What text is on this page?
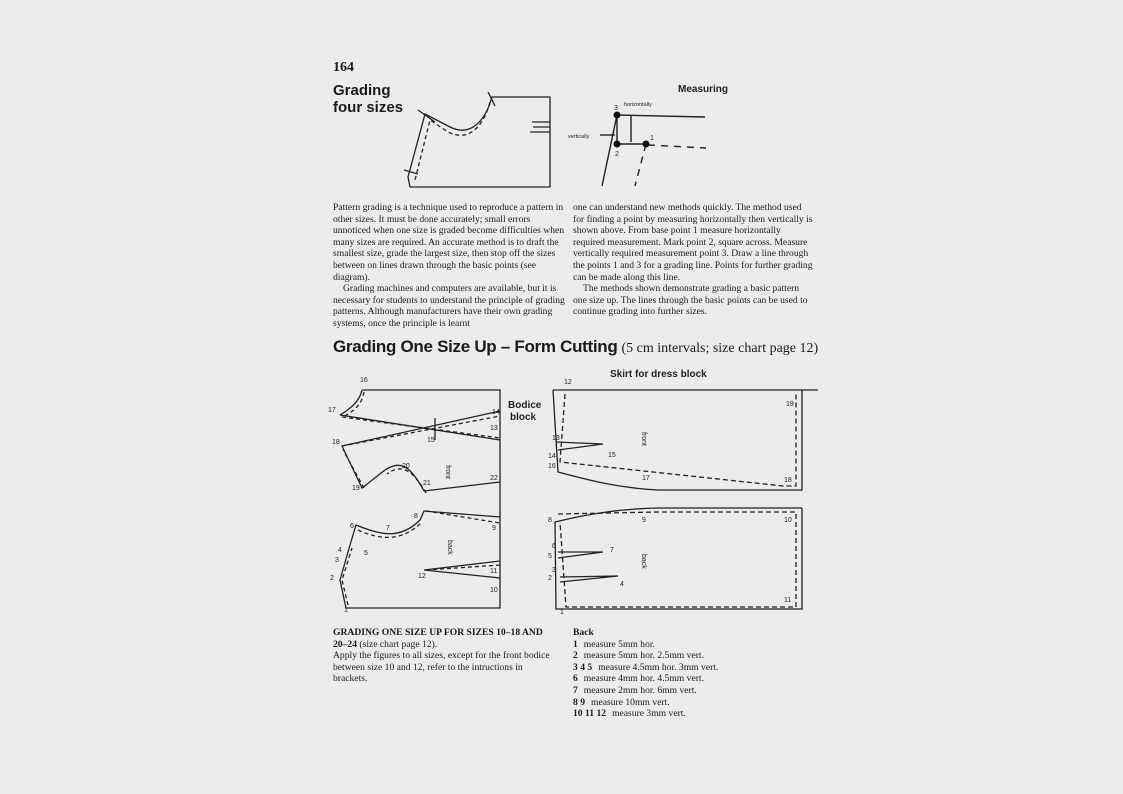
164
Grading
four sizes
Measuring
horizontally
vertically	1
2
3

Pattern grading is a technique used to reproduce a pattern in other sizes. It must be done accurately; small errors unnoticed when one size is graded become difficulties when many sizes are required. An accurate method is to draft the smallest size, grade the largest size, then stop off the sizes between on lines drawn through the basic points (see diagram).

Grading machines and computers are available, but it is necessary for students to understand the principle of grading patterns. Although manufacturers have their own grading systems, once the principle is learnt

one can understand new methods quickly. The method used for finding a point by measuring horizontally then vertically is shown above. From base point 1 measure horizontally required measurement. Mark point 2, square across. Measure vertically required measurement point 3. Draw a line through the points 1 and 3 for a grading line. Points for further grading can be made along this line.

The methods shown demonstrate grading a basic pattern one size up. The lines through the basic points can be used to continue grading into further sizes.

Grading One Size Up – Form Cutting (5 cm intervals; size chart page 12)
Bodice
block
front
back
1
2
3
4	5
6	7
8
9
10
11
12
13
14
15
16
17
18
19
20
21
22
Skirt for dress block
front
back
1
2
3
4
5
6
7
8	9	10
11
12
13
14	15
16
17	18
19
GRADING ONE SIZE UP FOR SIZES 10–18 AND 20–24 (size chart page 12).
Apply the figures to all sizes, except for the front bodice between size 10 and 12, refer to the intructions in brackets.
Back
1 measure 5mm hor.
2 measure 5mm hor. 2.5mm vert.
3 4 5 measure 4.5mm hor. 3mm vert.
6 measure 4mm hor. 4.5mm vert.
7 measure 2mm hor. 6mm vert.
8 9 measure 10mm vert.
10 11 12 measure 3mm vert.
